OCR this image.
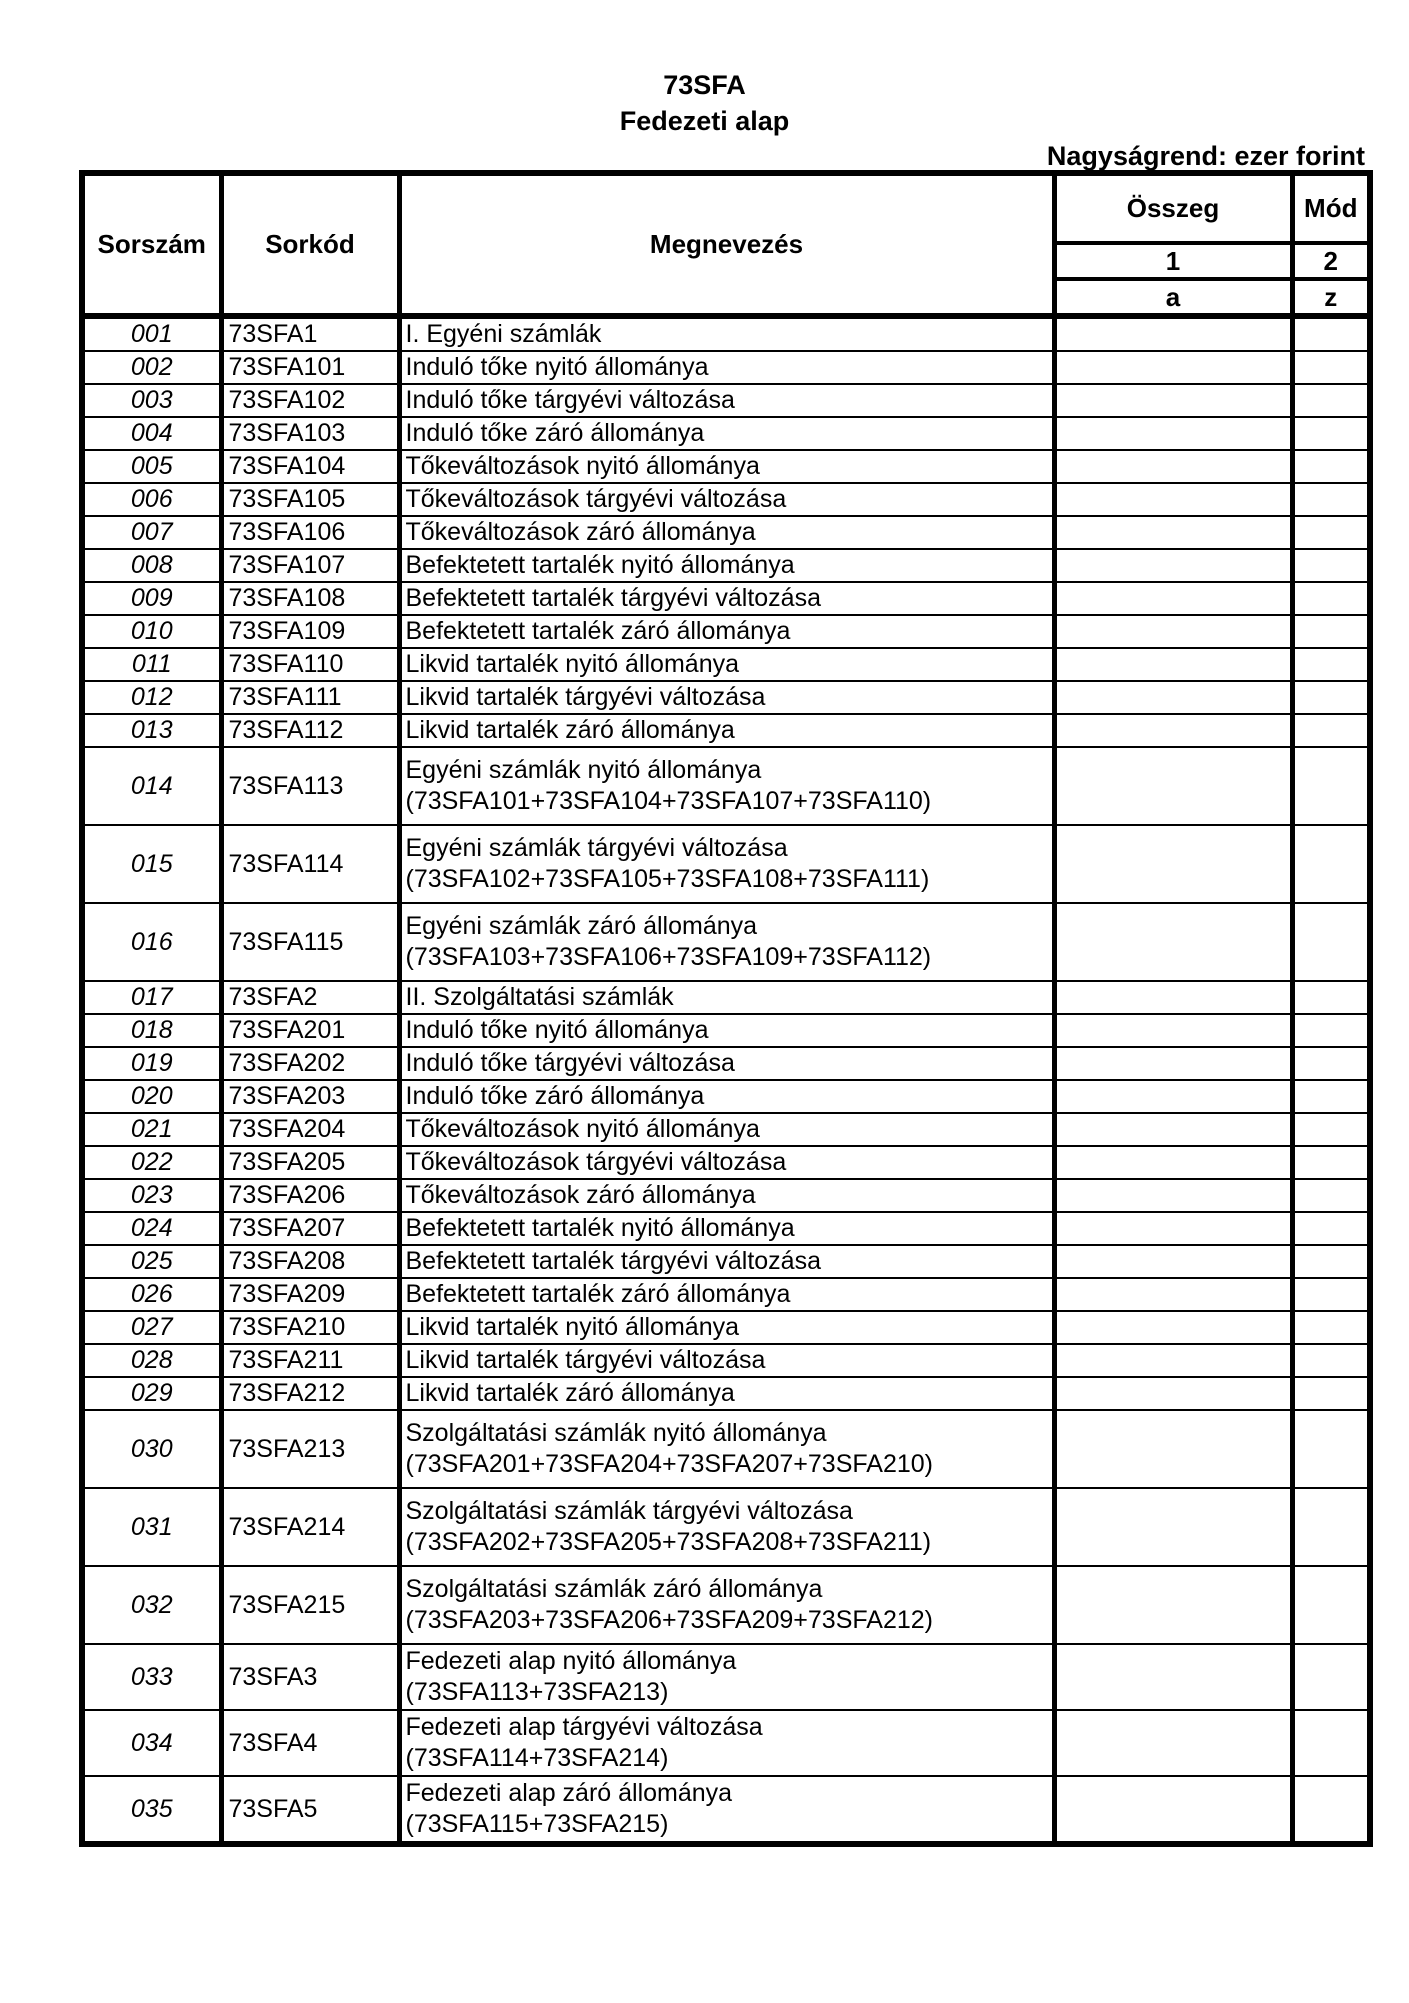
73SFA
Fedezeti alap
Nagyságrend: ezer forint
Sorszám	Sorkód	Megnevezés	Összeg	Mód
			1	2
			a	z
001	73SFA1	I. Egyéni számlák		

002	73SFA101	Induló tőke nyitó állománya		

003	73SFA102	Induló tőke tárgyévi változása		

004	73SFA103	Induló tőke záró állománya		

005	73SFA104	Tőkeváltozások nyitó állománya		

006	73SFA105	Tőkeváltozások tárgyévi változása		

007	73SFA106	Tőkeváltozások záró állománya		

008	73SFA107	Befektetett tartalék nyitó állománya		

009	73SFA108	Befektetett tartalék tárgyévi változása		

010	73SFA109	Befektetett tartalék záró állománya		

011	73SFA110	Likvid tartalék nyitó állománya		

012	73SFA111	Likvid tartalék tárgyévi változása		

013	73SFA112	Likvid tartalék záró állománya		

014	73SFA113	Egyéni számlák nyitó állománya
(73SFA101+73SFA104+73SFA107+73SFA110)		

015	73SFA114	Egyéni számlák tárgyévi változása
(73SFA102+73SFA105+73SFA108+73SFA111)		

016	73SFA115	Egyéni számlák záró állománya
(73SFA103+73SFA106+73SFA109+73SFA112)		

017	73SFA2	II. Szolgáltatási számlák		

018	73SFA201	Induló tőke nyitó állománya		

019	73SFA202	Induló tőke tárgyévi változása		

020	73SFA203	Induló tőke záró állománya		

021	73SFA204	Tőkeváltozások nyitó állománya		

022	73SFA205	Tőkeváltozások tárgyévi változása		

023	73SFA206	Tőkeváltozások záró állománya		

024	73SFA207	Befektetett tartalék nyitó állománya		

025	73SFA208	Befektetett tartalék tárgyévi változása		

026	73SFA209	Befektetett tartalék záró állománya		

027	73SFA210	Likvid tartalék nyitó állománya		

028	73SFA211	Likvid tartalék tárgyévi változása		

029	73SFA212	Likvid tartalék záró állománya		

030	73SFA213	Szolgáltatási számlák nyitó állománya
(73SFA201+73SFA204+73SFA207+73SFA210)		

031	73SFA214	Szolgáltatási számlák tárgyévi változása
(73SFA202+73SFA205+73SFA208+73SFA211)		

032	73SFA215	Szolgáltatási számlák záró állománya
(73SFA203+73SFA206+73SFA209+73SFA212)		

033	73SFA3	Fedezeti alap nyitó állománya
(73SFA113+73SFA213)		

034	73SFA4	Fedezeti alap tárgyévi változása
(73SFA114+73SFA214)		

035	73SFA5	Fedezeti alap záró állománya
(73SFA115+73SFA215)		
